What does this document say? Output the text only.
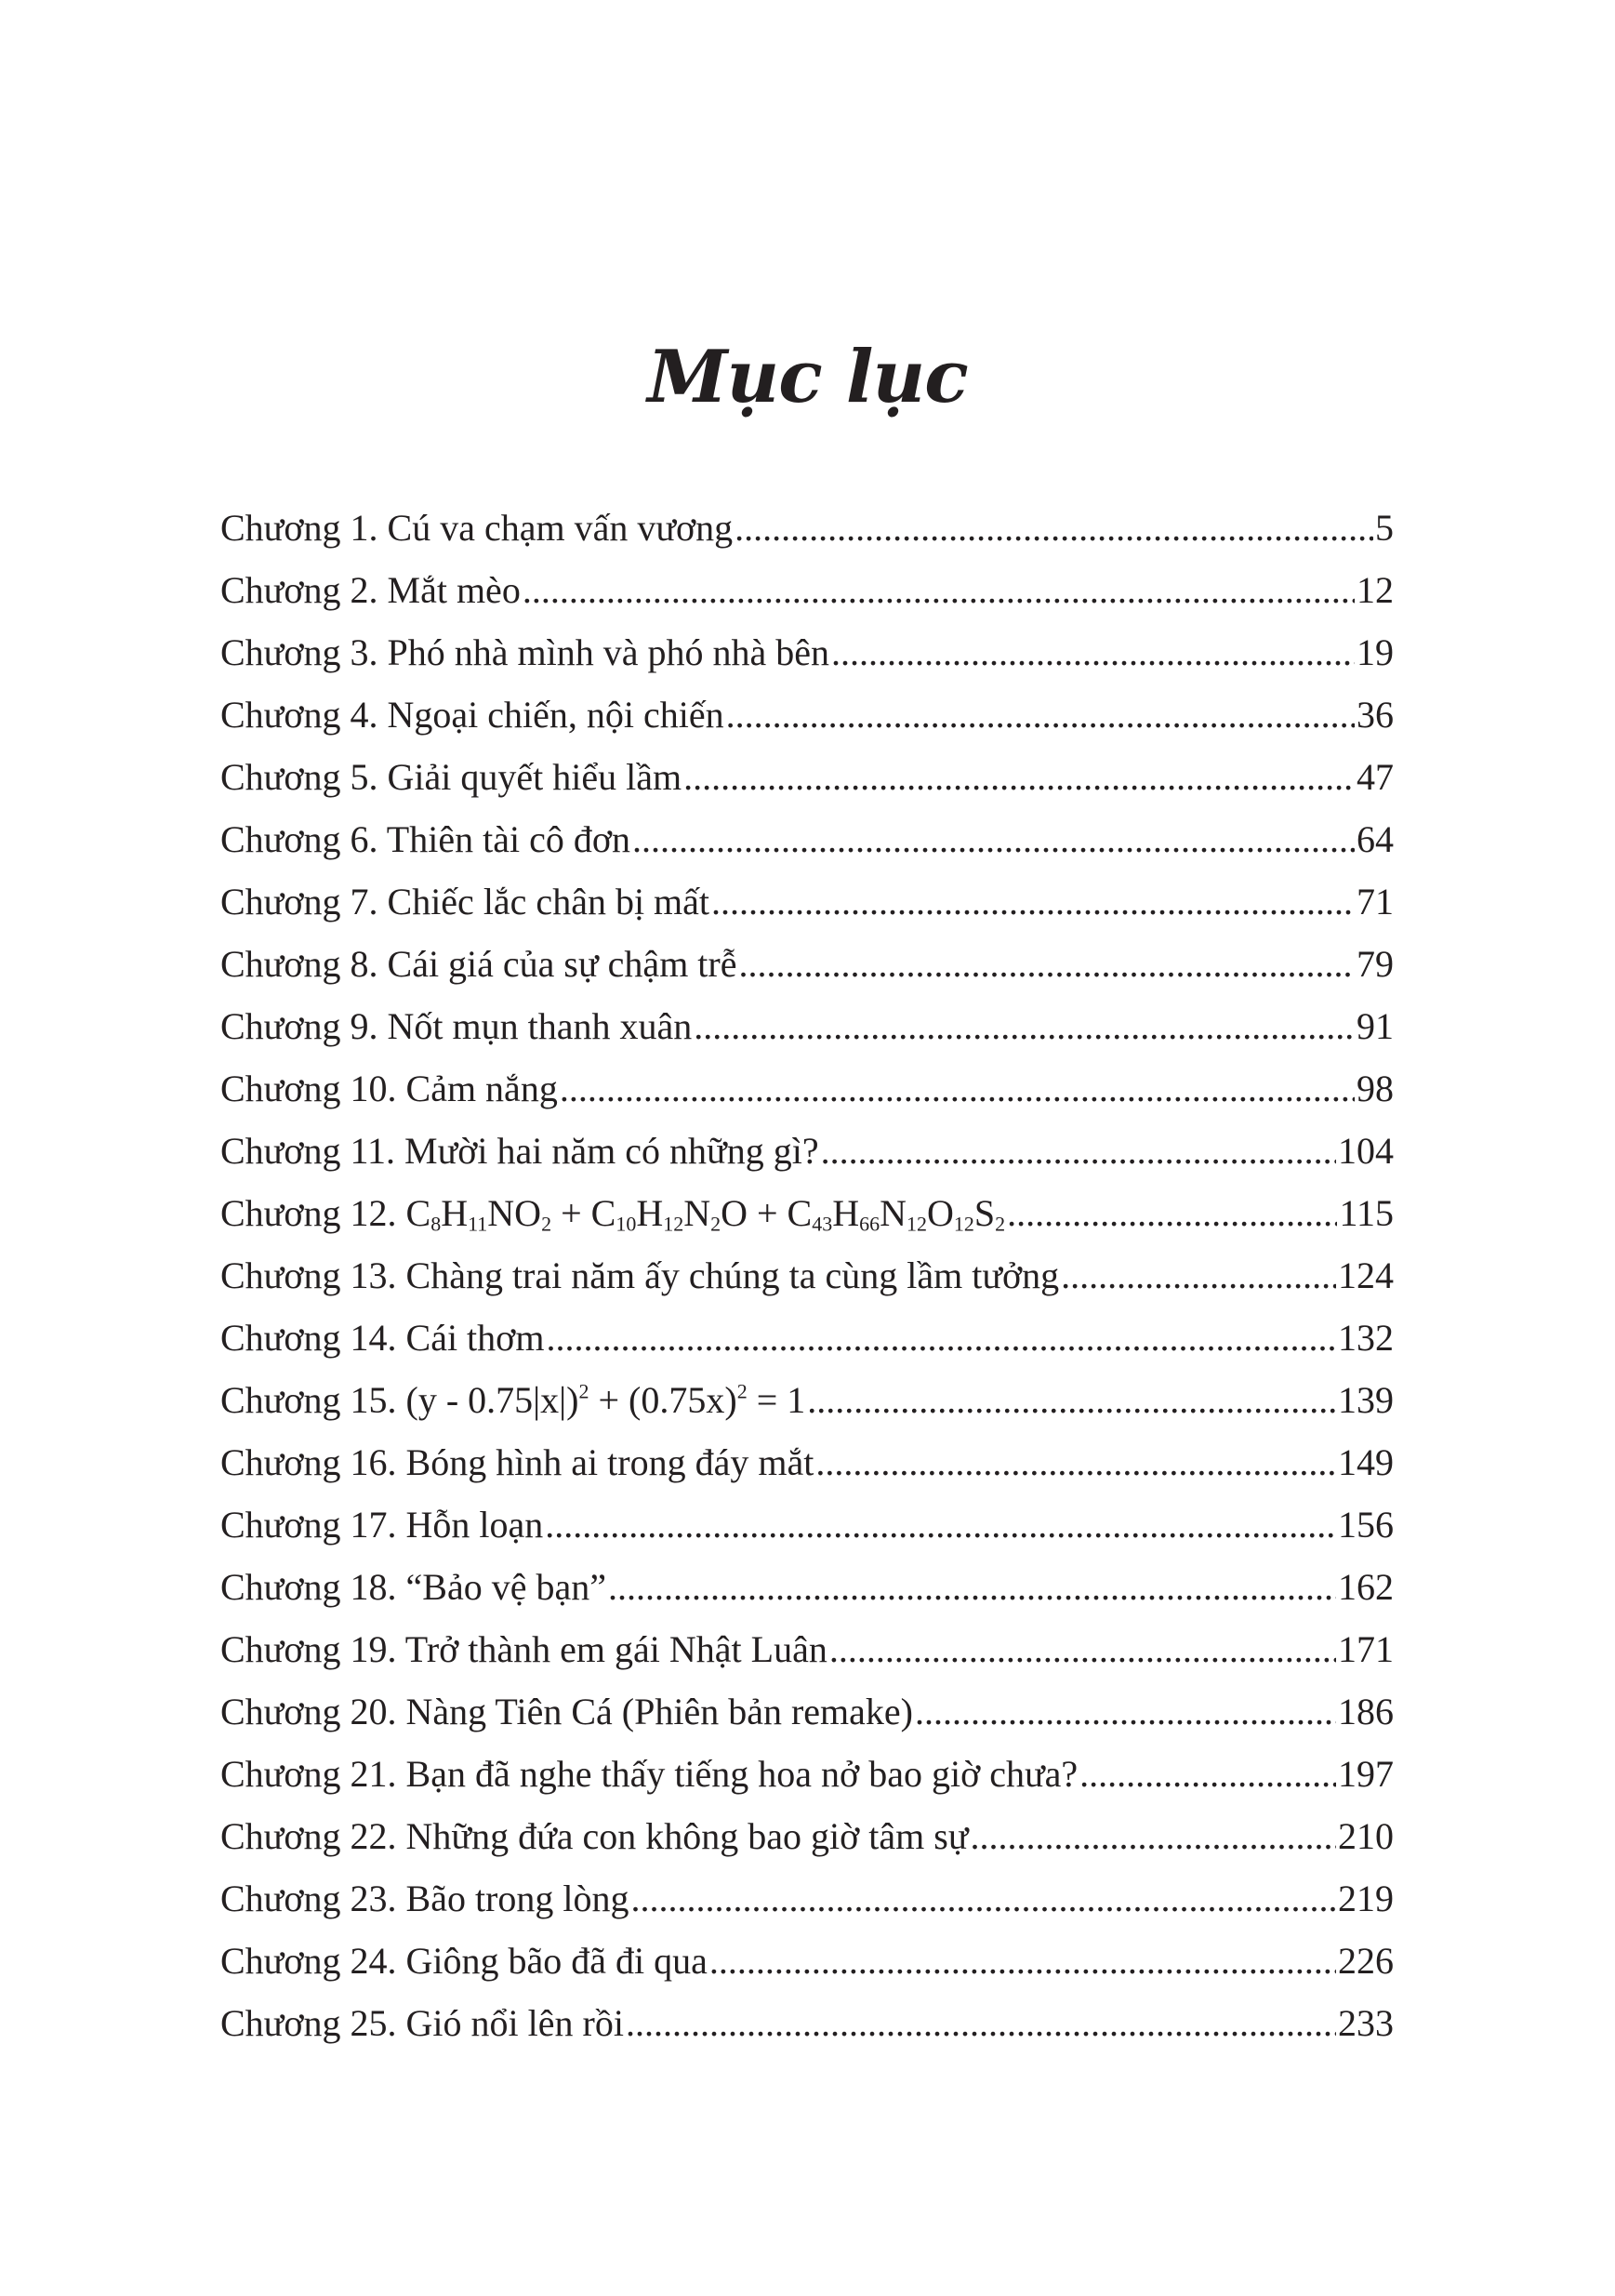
Mục lục
Chương 1. Cú va chạm vấn vương .....	5
Chương 2. Mắt mèo .....	12
Chương 3. Phó nhà mình và phó nhà bên .....	19
Chương 4. Ngoại chiến, nội chiến .....	36
Chương 5. Giải quyết hiểu lầm .....	47
Chương 6. Thiên tài cô đơn .....	64
Chương 7. Chiếc lắc chân bị mất .....	71
Chương 8. Cái giá của sự chậm trễ .....	79
Chương 9. Nốt mụn thanh xuân .....	91
Chương 10. Cảm nắng .....	98
Chương 11. Mười hai năm có những gì? .....	104
Chương 12. $C_8H_{11}NO_2 + C_{10}H_{12}N_2O + C_{43}H_{66}N_{12}O_{12}S_2$ .....	115
Chương 13. Chàng trai năm ấy chúng ta cùng lầm tưởng .....	124
Chương 14. Cái thơm .....	132
Chương 15. $(y - 0.75|x|)^2 + (0.75x)^2 = 1$ .....	139
Chương 16. Bóng hình ai trong đáy mắt .....	149
Chương 17. Hỗn loạn .....	156
Chương 18. “Bảo vệ bạn” .....	162
Chương 19. Trở thành em gái Nhật Luân .....	171
Chương 20. Nàng Tiên Cá (Phiên bản remake) .....	186
Chương 21. Bạn đã nghe thấy tiếng hoa nở bao giờ chưa? .....	197
Chương 22. Những đứa con không bao giờ tâm sự .....	210
Chương 23. Bão trong lòng .....	219
Chương 24. Giông bão đã đi qua .....	226
Chương 25. Gió nổi lên rồi .....	233
